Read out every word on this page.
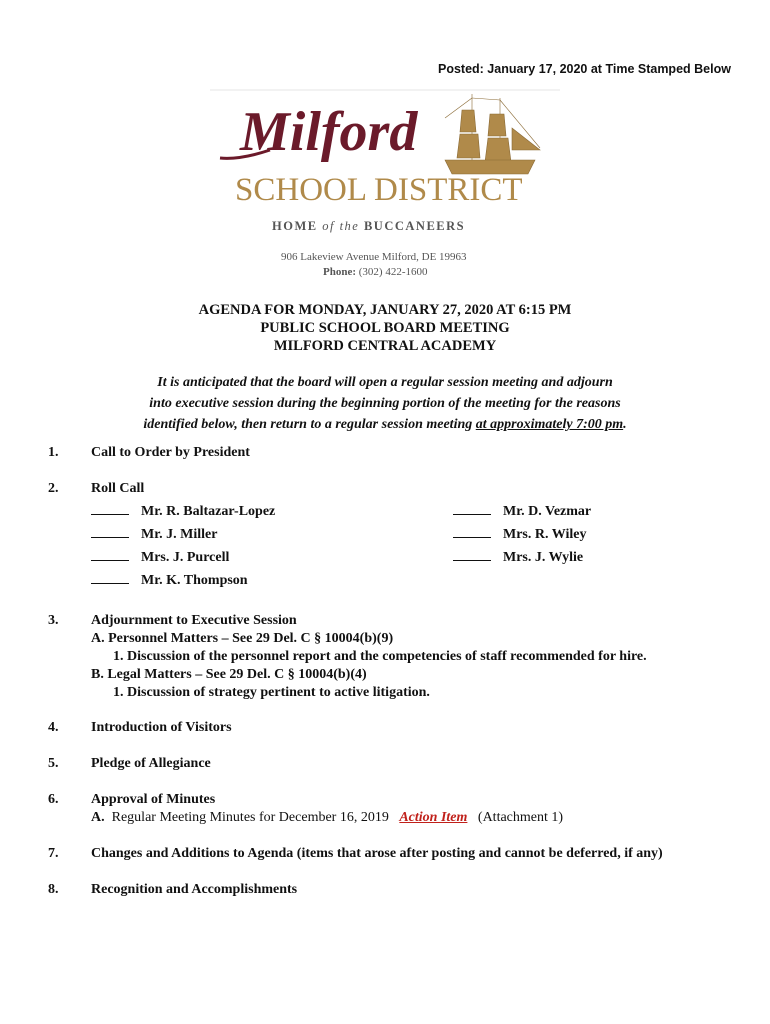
Posted: January 17, 2020 at Time Stamped Below
Milford
SCHOOL DISTRICT
HOME of the BUCCANEERS
906 Lakeview Avenue Milford, DE 19963
Phone: (302) 422-1600
AGENDA FOR MONDAY, JANUARY 27, 2020 AT 6:15 PM
PUBLIC SCHOOL BOARD MEETING
MILFORD CENTRAL ACADEMY
It is anticipated that the board will open a regular session meeting and adjourn
into executive session during the beginning portion of the meeting for the reasons
identified below, then return to a regular session meeting at approximately 7:00 pm.
1. Call to Order by President
2. Roll Call
Mr. R. Baltazar-Lopez
Mr. J. Miller
Mrs. J. Purcell
Mr. K. Thompson
Mr. D. Vezmar
Mrs. R. Wiley
Mrs. J. Wylie
3. Adjournment to Executive Session
A. Personnel Matters – See 29 Del. C § 10004(b)(9)
1. Discussion of the personnel report and the competencies of staff recommended for hire.
B. Legal Matters – See 29 Del. C § 10004(b)(4)
1. Discussion of strategy pertinent to active litigation.
4. Introduction of Visitors
5. Pledge of Allegiance
6. Approval of Minutes
A. Regular Meeting Minutes for December 16, 2019 Action Item (Attachment 1)
7. Changes and Additions to Agenda (items that arose after posting and cannot be deferred, if any)
8. Recognition and Accomplishments
